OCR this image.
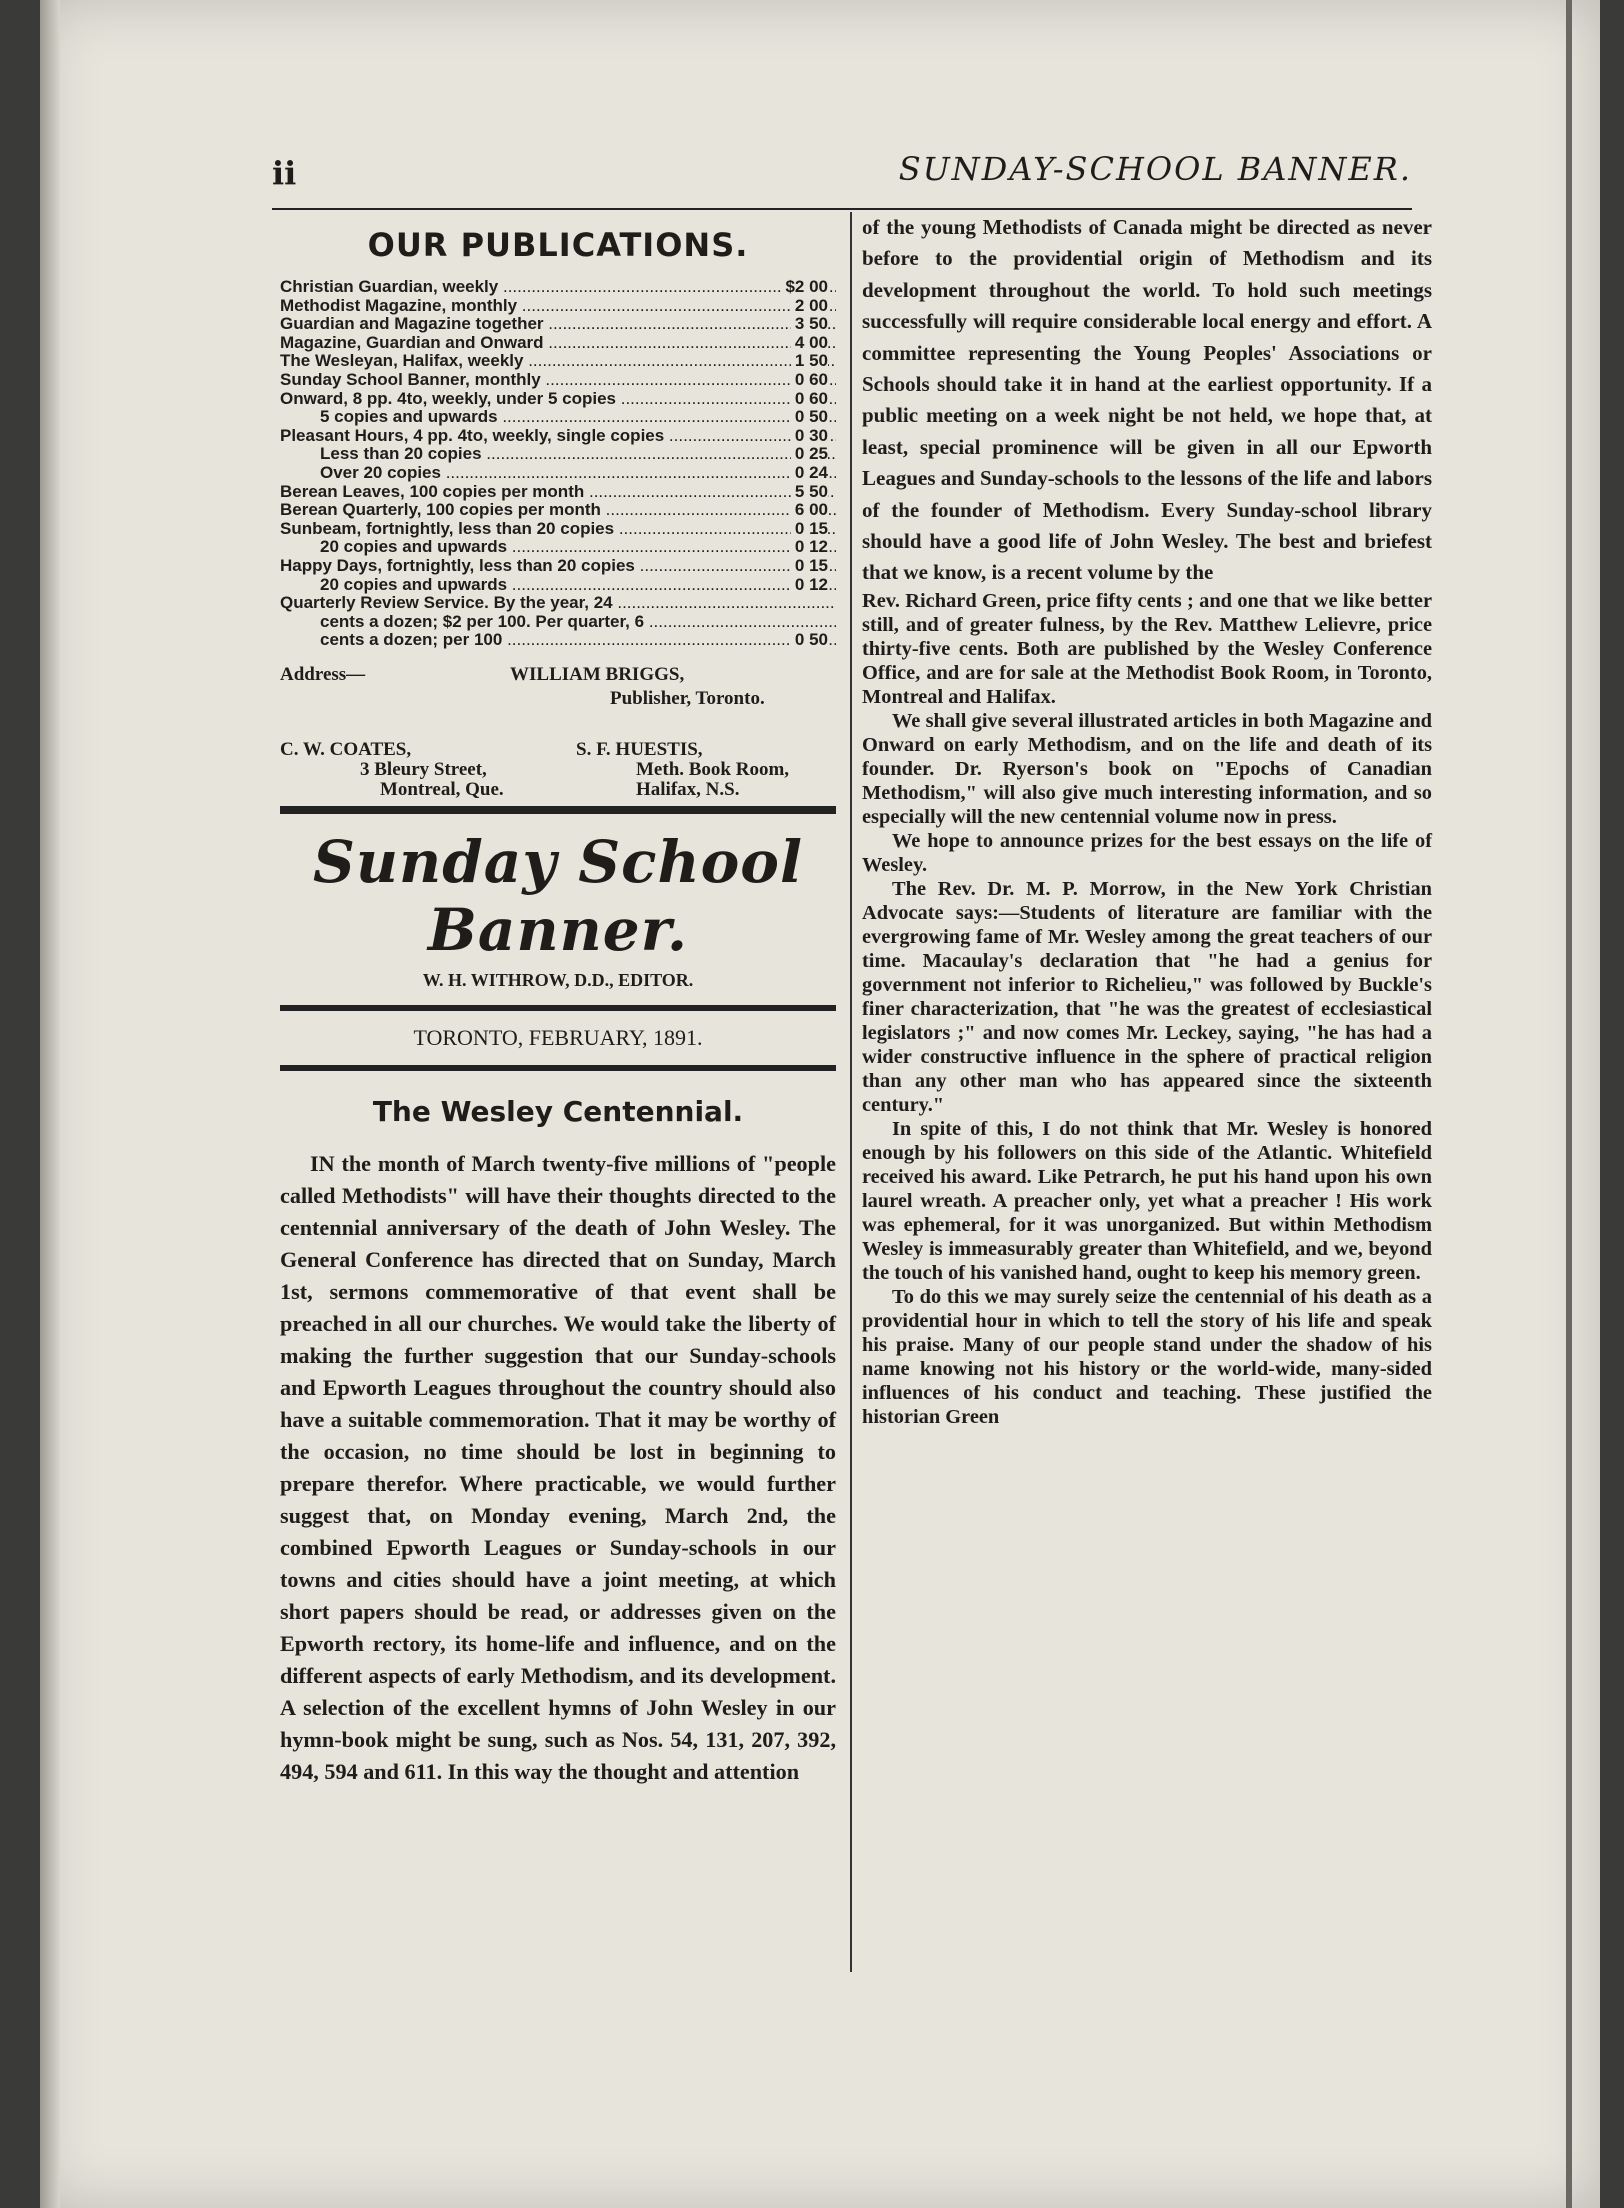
ii	SUNDAY-SCHOOL BANNER.
OUR PUBLICATIONS.
Christian Guardian, weekly .....	$2 00
Methodist Magazine, monthly .....	2 00
Guardian and Magazine together .....	3 50
Magazine, Guardian and Onward .....	4 00
The Wesleyan, Halifax, weekly .....	1 50
Sunday School Banner, monthly .....	0 60
Onward, 8 pp. 4to, weekly, under 5 copies .....	0 60
5 copies and upwards .....	0 50
Pleasant Hours, 4 pp. 4to, weekly, single copies .....	0 30
Less than 20 copies .....	0 25
Over 20 copies .....	0 24
Berean Leaves, 100 copies per month .....	5 50
Berean Quarterly, 100 copies per month .....	6 00
Sunbeam, fortnightly, less than 20 copies .....	0 15
20 copies and upwards .....	0 12
Happy Days, fortnightly, less than 20 copies .....	0 15
20 copies and upwards .....	0 12
Quarterly Review Service. By the year, 24 .....
cents a dozen; $2 per 100. Per quarter, 6 .....
cents a dozen; per 100 .....	0 50
Address—	WILLIAM BRIGGS,
Publisher, Toronto.
C. W. COATES,
3 Bleury Street,
Montreal, Que.
S. F. HUESTIS,
Meth. Book Room,
Halifax, N.S.
Sunday School Banner.
W. H. WITHROW, D.D., EDITOR.
TORONTO, FEBRUARY, 1891.
The Wesley Centennial.

IN the month of March twenty-five millions of "people called Methodists" will have their thoughts directed to the centennial anniversary of the death of John Wesley. The General Conference has directed that on Sunday, March 1st, sermons commemorative of that event shall be preached in all our churches. We would take the liberty of making the further suggestion that our Sunday-schools and Epworth Leagues throughout the country should also have a suitable commemoration. That it may be worthy of the occasion, no time should be lost in beginning to prepare therefor. Where practicable, we would further suggest that, on Monday evening, March 2nd, the combined Epworth Leagues or Sunday-schools in our towns and cities should have a joint meeting, at which short papers should be read, or addresses given on the Epworth rectory, its home-life and influence, and on the different aspects of early Methodism, and its development. A selection of the excellent hymns of John Wesley in our hymn-book might be sung, such as Nos. 54, 131, 207, 392, 494, 594 and 611. In this way the thought and attention

of the young Methodists of Canada might be directed as never before to the providential origin of Methodism and its development throughout the world. To hold such meetings successfully will require considerable local energy and effort. A committee representing the Young Peoples' Associations or Schools should take it in hand at the earliest opportunity. If a public meeting on a week night be not held, we hope that, at least, special prominence will be given in all our Epworth Leagues and Sunday-schools to the lessons of the life and labors of the founder of Methodism. Every Sunday-school library should have a good life of John Wesley. The best and briefest that we know, is a recent volume by the

Rev. Richard Green, price fifty cents ; and one that we like better still, and of greater fulness, by the Rev. Matthew Lelievre, price thirty-five cents. Both are published by the Wesley Conference Office, and are for sale at the Methodist Book Room, in Toronto, Montreal and Halifax.

We shall give several illustrated articles in both Magazine and Onward on early Methodism, and on the life and death of its founder. Dr. Ryerson's book on "Epochs of Canadian Methodism," will also give much interesting information, and so especially will the new centennial volume now in press.

We hope to announce prizes for the best essays on the life of Wesley.

The Rev. Dr. M. P. Morrow, in the New York Christian Advocate says:—Students of literature are familiar with the evergrowing fame of Mr. Wesley among the great teachers of our time. Macaulay's declaration that "he had a genius for government not inferior to Richelieu," was followed by Buckle's finer characterization, that "he was the greatest of ecclesiastical legislators ;" and now comes Mr. Leckey, saying, "he has had a wider constructive influence in the sphere of practical religion than any other man who has appeared since the sixteenth century."

In spite of this, I do not think that Mr. Wesley is honored enough by his followers on this side of the Atlantic. Whitefield received his award. Like Petrarch, he put his hand upon his own laurel wreath. A preacher only, yet what a preacher ! His work was ephemeral, for it was unorganized. But within Methodism Wesley is immeasurably greater than Whitefield, and we, beyond the touch of his vanished hand, ought to keep his memory green.

To do this we may surely seize the centennial of his death as a providential hour in which to tell the story of his life and speak his praise. Many of our people stand under the shadow of his name knowing not his history or the world-wide, many-sided influences of his conduct and teaching. These justified the historian Green
